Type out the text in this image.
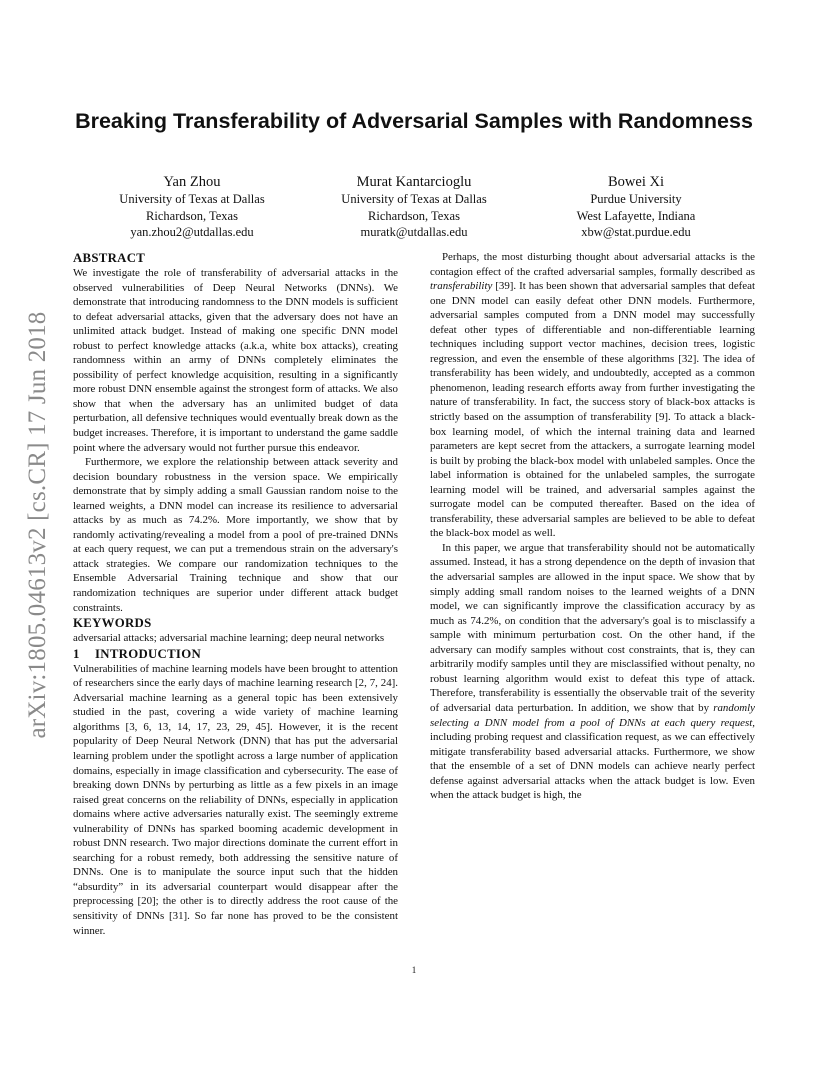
arXiv:1805.04613v2 [cs.CR] 17 Jun 2018
Breaking Transferability of Adversarial Samples with Randomness
Yan Zhou
University of Texas at Dallas
Richardson, Texas
yan.zhou2@utdallas.edu
Murat Kantarcioglu
University of Texas at Dallas
Richardson, Texas
muratk@utdallas.edu
Bowei Xi
Purdue University
West Lafayette, Indiana
xbw@stat.purdue.edu
ABSTRACT

We investigate the role of transferability of adversarial attacks in the observed vulnerabilities of Deep Neural Networks (DNNs). We demonstrate that introducing randomness to the DNN models is sufficient to defeat adversarial attacks, given that the adversary does not have an unlimited attack budget. Instead of making one specific DNN model robust to perfect knowledge attacks (a.k.a, white box attacks), creating randomness within an army of DNNs completely eliminates the possibility of perfect knowledge acquisition, resulting in a significantly more robust DNN ensemble against the strongest form of attacks. We also show that when the adversary has an unlimited budget of data perturbation, all defensive techniques would eventually break down as the budget increases. Therefore, it is important to understand the game saddle point where the adversary would not further pursue this endeavor.

Furthermore, we explore the relationship between attack severity and decision boundary robustness in the version space. We empirically demonstrate that by simply adding a small Gaussian random noise to the learned weights, a DNN model can increase its resilience to adversarial attacks by as much as 74.2%. More importantly, we show that by randomly activating/revealing a model from a pool of pre-trained DNNs at each query request, we can put a tremendous strain on the adversary's attack strategies. We compare our randomization techniques to the Ensemble Adversarial Training technique and show that our randomization techniques are superior under different attack budget constraints.

KEYWORDS

adversarial attacks; adversarial machine learning; deep neural networks

1 INTRODUCTION

Vulnerabilities of machine learning models have been brought to attention of researchers since the early days of machine learning research [2, 7, 24]. Adversarial machine learning as a general topic has been extensively studied in the past, covering a wide variety of machine learning algorithms [3, 6, 13, 14, 17, 23, 29, 45]. However, it is the recent popularity of Deep Neural Network (DNN) that has put the adversarial learning problem under the spotlight across a large number of application domains, especially in image classification and cybersecurity. The ease of breaking down DNNs by perturbing as little as a few pixels in an image raised great concerns on the reliability of DNNs, especially in application domains where active adversaries naturally exist. The seemingly extreme vulnerability of DNNs has sparked booming academic development in robust DNN research. Two major directions dominate the current effort in searching for a robust remedy, both addressing the sensitive nature of DNNs. One is to manipulate the source input such that the hidden “absurdity” in its adversarial counterpart would disappear after the preprocessing [20]; the other is to directly address the root cause of the sensitivity of DNNs [31]. So far none has proved to be the consistent winner.

Perhaps, the most disturbing thought about adversarial attacks is the contagion effect of the crafted adversarial samples, formally described as transferability [39]. It has been shown that adversarial samples that defeat one DNN model can easily defeat other DNN models. Furthermore, adversarial samples computed from a DNN model may successfully defeat other types of differentiable and non-differentiable learning techniques including support vector machines, decision trees, logistic regression, and even the ensemble of these algorithms [32]. The idea of transferability has been widely, and undoubtedly, accepted as a common phenomenon, leading research efforts away from further investigating the nature of transferability. In fact, the success story of black-box attacks is strictly based on the assumption of transferability [9]. To attack a black-box learning model, of which the internal training data and learned parameters are kept secret from the attackers, a surrogate learning model is built by probing the black-box model with unlabeled samples. Once the label information is obtained for the unlabeled samples, the surrogate learning model will be trained, and adversarial samples against the surrogate model can be computed thereafter. Based on the idea of transferability, these adversarial samples are believed to be able to defeat the black-box model as well.

In this paper, we argue that transferability should not be automatically assumed. Instead, it has a strong dependence on the depth of invasion that the adversarial samples are allowed in the input space. We show that by simply adding small random noises to the learned weights of a DNN model, we can significantly improve the classification accuracy by as much as 74.2%, on condition that the adversary's goal is to misclassify a sample with minimum perturbation cost. On the other hand, if the adversary can modify samples without cost constraints, that is, they can arbitrarily modify samples until they are misclassified without penalty, no robust learning algorithm would exist to defeat this type of attack. Therefore, transferability is essentially the observable trait of the severity of adversarial data perturbation. In addition, we show that by randomly selecting a DNN model from a pool of DNNs at each query request, including probing request and classification request, as we can effectively mitigate transferability based adversarial attacks. Furthermore, we show that the ensemble of a set of DNN models can achieve nearly perfect defense against adversarial attacks when the attack budget is low. Even when the attack budget is high, the

1
